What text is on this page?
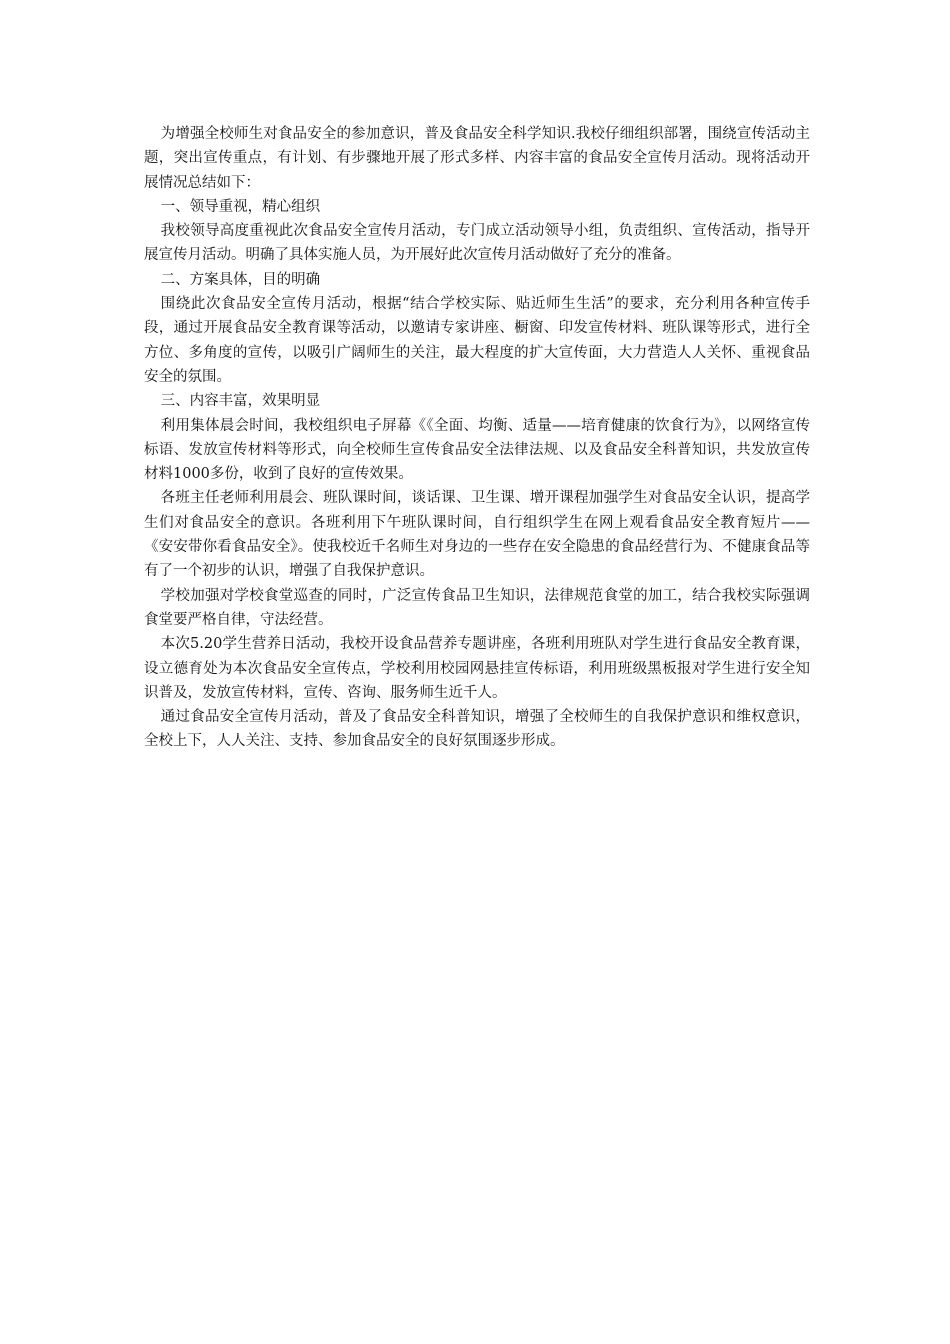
为增强全校师生对食品安全的参加意识，普及食品安全科学知识.我校仔细组织部署，围绕宣传活动主题，突出宣传重点，有计划、有步骤地开展了形式多样、内容丰富的食品安全宣传月活动。现将活动开展情况总结如下：

一、领导重视，精心组织

我校领导高度重视此次食品安全宣传月活动，专门成立活动领导小组，负责组织、宣传活动，指导开展宣传月活动。明确了具体实施人员，为开展好此次宣传月活动做好了充分的准备。

二、方案具体，目的明确

围绕此次食品安全宣传月活动，根据“结合学校实际、贴近师生生活”的要求，充分利用各种宣传手段，通过开展食品安全教育课等活动，以邀请专家讲座、橱窗、印发宣传材料、班队课等形式，进行全方位、多角度的宣传，以吸引广阔师生的关注，最大程度的扩大宣传面，大力营造人人关怀、重视食品安全的氛围。

三、内容丰富，效果明显

利用集体晨会时间，我校组织电子屏幕《《全面、均衡、适量——培育健康的饮食行为》，以网络宣传标语、发放宣传材料等形式，向全校师生宣传食品安全法律法规、以及食品安全科普知识，共发放宣传材料1000多份，收到了良好的宣传效果。

各班主任老师利用晨会、班队课时间，谈话课、卫生课、增开课程加强学生对食品安全认识，提高学生们对食品安全的意识。各班利用下午班队课时间，自行组织学生在网上观看食品安全教育短片——《安安带你看食品安全》。使我校近千名师生对身边的一些存在安全隐患的食品经营行为、不健康食品等有了一个初步的认识，增强了自我保护意识。

学校加强对学校食堂巡查的同时，广泛宣传食品卫生知识，法律规范食堂的加工，结合我校实际强调食堂要严格自律，守法经营。

本次5.20学生营养日活动，我校开设食品营养专题讲座，各班利用班队对学生进行食品安全教育课，设立德育处为本次食品安全宣传点，学校利用校园网悬挂宣传标语，利用班级黑板报对学生进行安全知识普及，发放宣传材料，宣传、咨询、服务师生近千人。

通过食品安全宣传月活动，普及了食品安全科普知识，增强了全校师生的自我保护意识和维权意识，全校上下，人人关注、支持、参加食品安全的良好氛围逐步形成。
